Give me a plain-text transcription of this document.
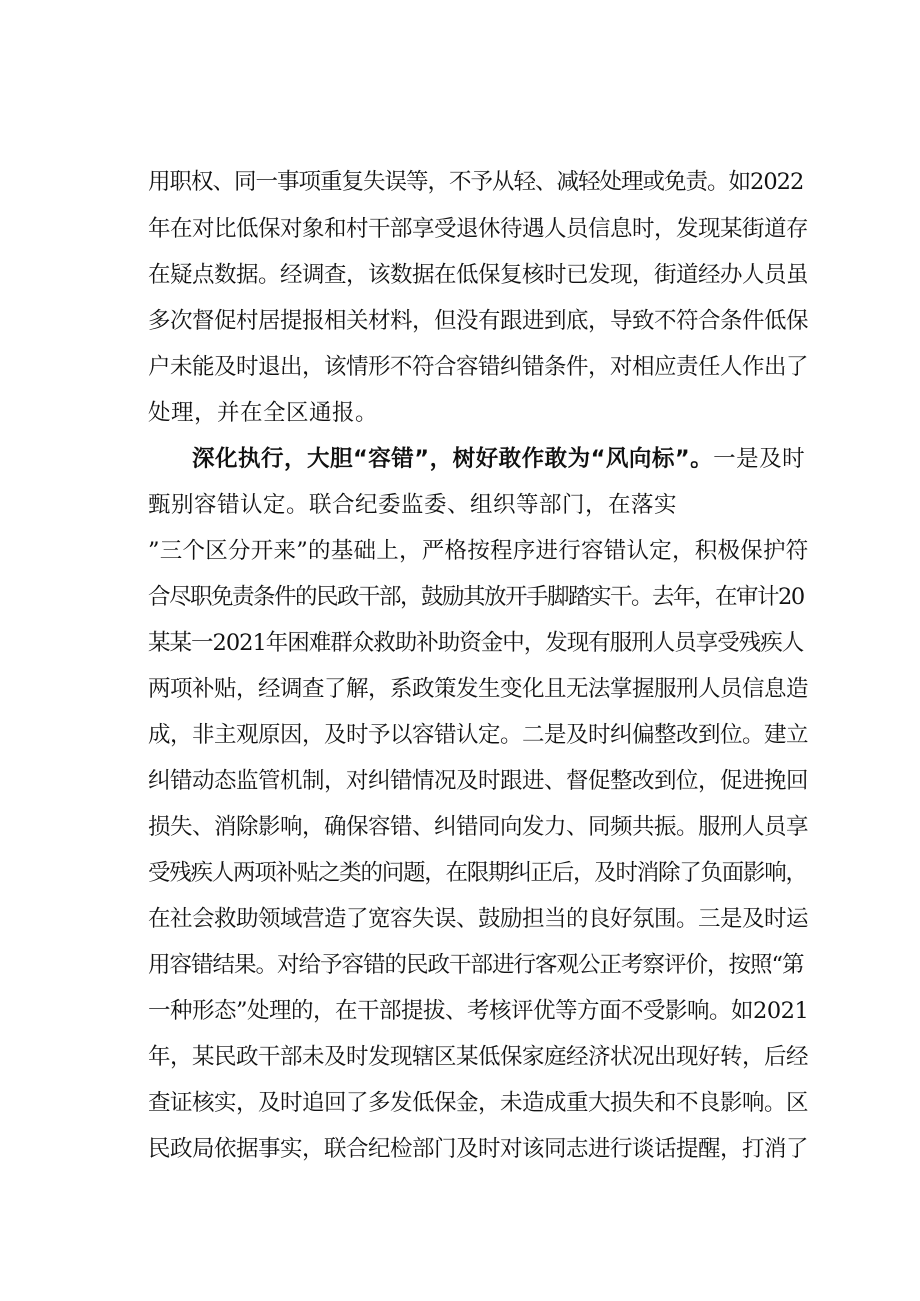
用职权、同一事项重复失误等，不予从轻、减轻处理或免责。如2022

年在对比低保对象和村干部享受退休待遇人员信息时，发现某街道存

在疑点数据。经调查，该数据在低保复核时已发现，街道经办人员虽

多次督促村居提报相关材料，但没有跟进到底，导致不符合条件低保

户未能及时退出，该情形不符合容错纠错条件，对相应责任人作出了

处理，并在全区通报。

深化执行，大胆“容错”，树好敢作敢为“风向标”。一是及时

甄别容错认定。联合纪委监委、组织等部门，在落实

”三个区分开来”的基础上，严格按程序进行容错认定，积极保护符

合尽职免责条件的民政干部，鼓励其放开手脚踏实干。去年，在审计20

某某一2021年困难群众救助补助资金中，发现有服刑人员享受残疾人

两项补贴，经调查了解，系政策发生变化且无法掌握服刑人员信息造

成，非主观原因，及时予以容错认定。二是及时纠偏整改到位。建立

纠错动态监管机制，对纠错情况及时跟进、督促整改到位，促进挽回

损失、消除影响，确保容错、纠错同向发力、同频共振。服刑人员享

受残疾人两项补贴之类的问题，在限期纠正后，及时消除了负面影响，

在社会救助领域营造了宽容失误、鼓励担当的良好氛围。三是及时运

用容错结果。对给予容错的民政干部进行客观公正考察评价，按照“第

一种形态”处理的，在干部提拔、考核评优等方面不受影响。如2021

年，某民政干部未及时发现辖区某低保家庭经济状况出现好转，后经

查证核实，及时追回了多发低保金，未造成重大损失和不良影响。区

民政局依据事实，联合纪检部门及时对该同志进行谈话提醒，打消了
